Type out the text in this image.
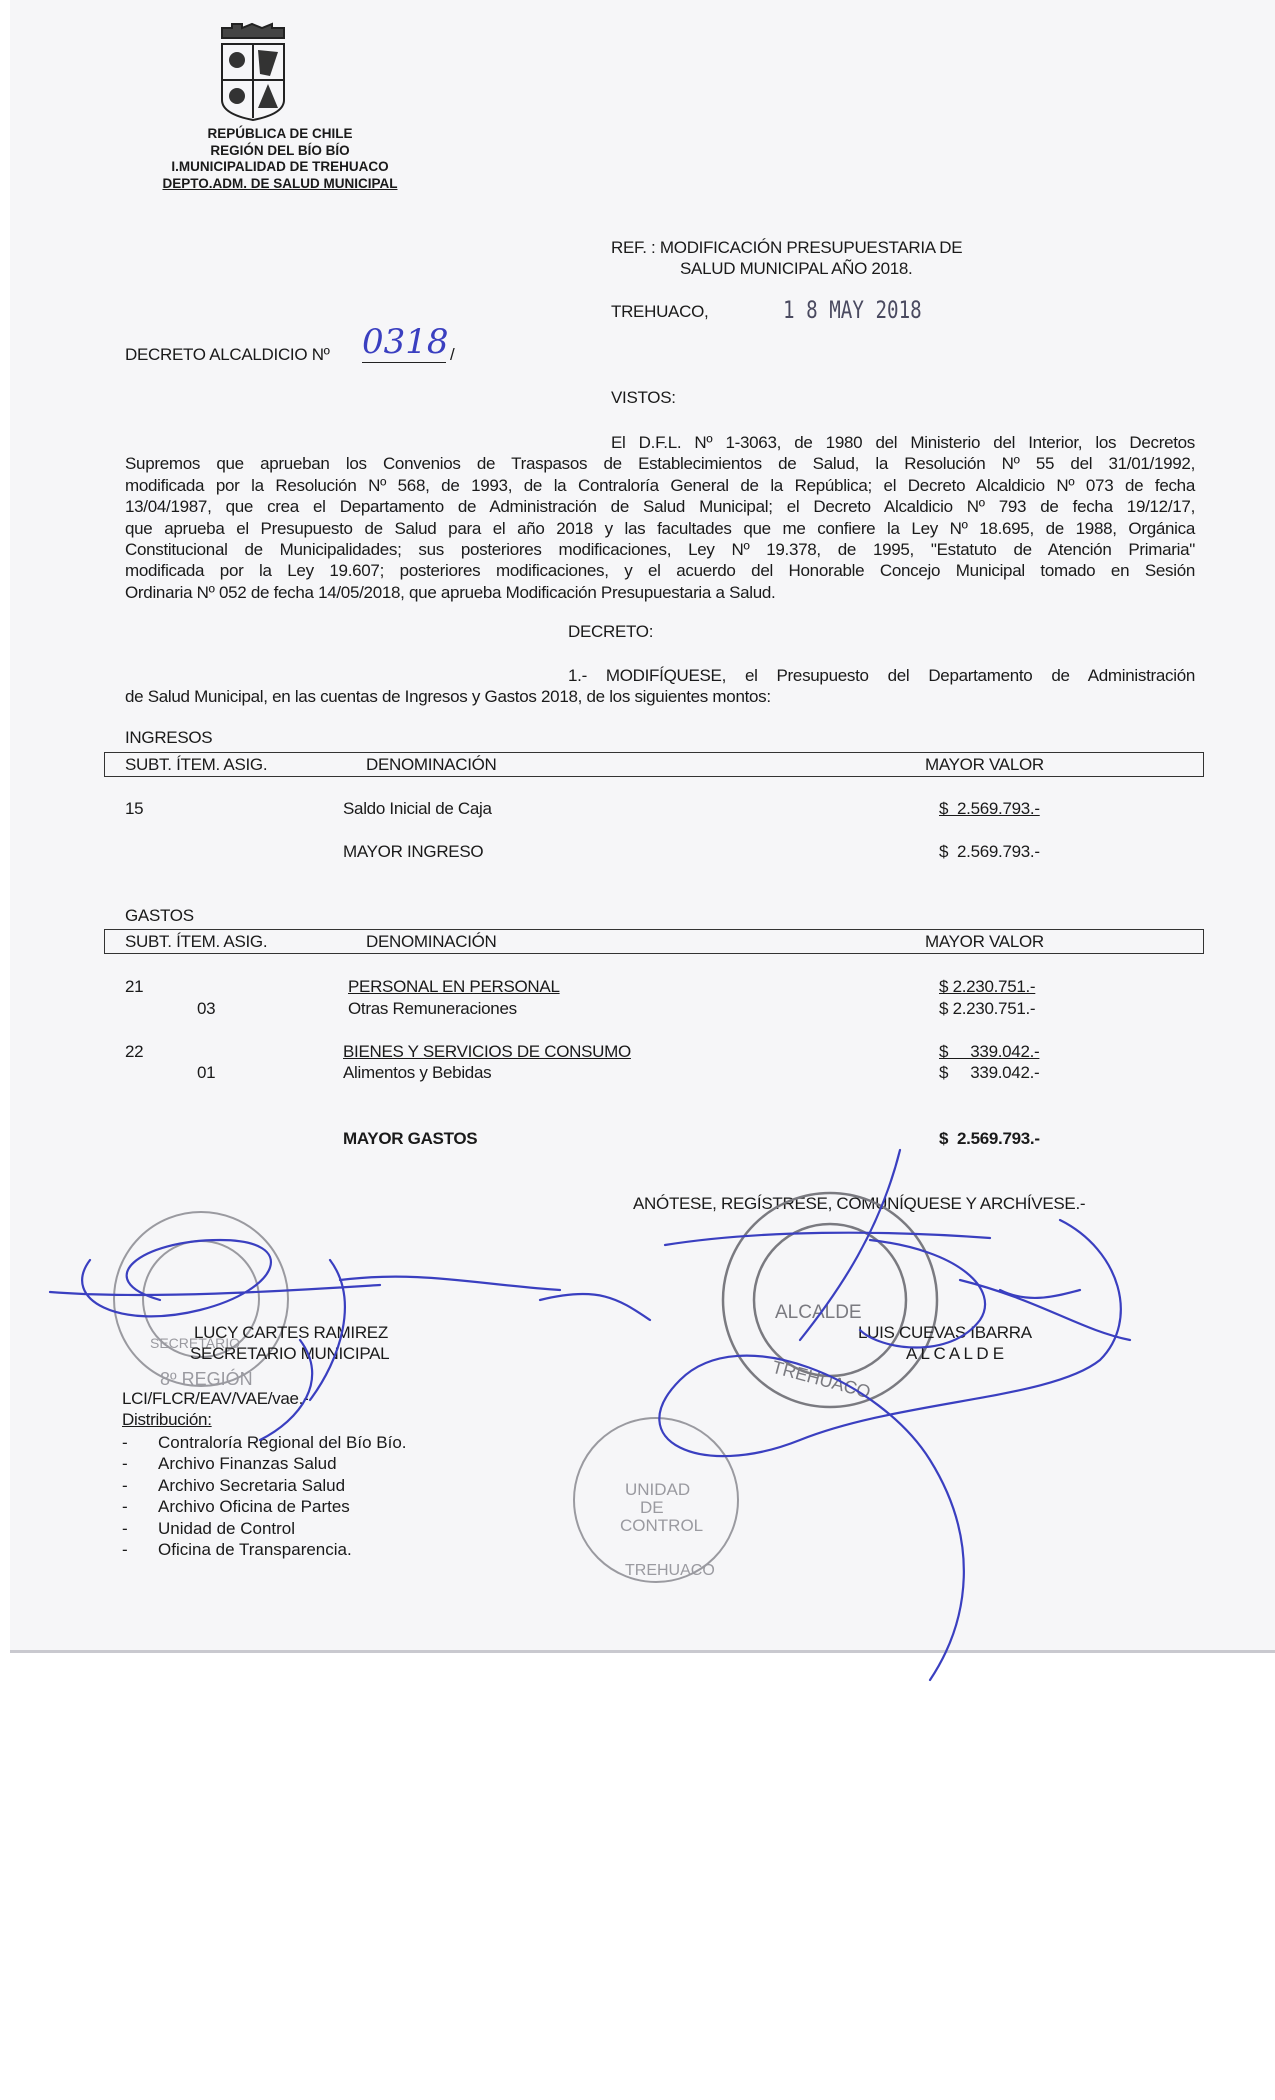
REPÚBLICA DE CHILE
REGIÓN DEL BÍO BÍO
I.MUNICIPALIDAD DE TREHUACO
DEPTO.ADM. DE SALUD MUNICIPAL
REF. : MODIFICACIÓN PRESUPUESTARIA DE
SALUD MUNICIPAL AÑO 2018.
TREHUACO,	1 8 MAY 2018
DECRETO ALCALDICIO Nº 0318 /
VISTOS:
El D.F.L. Nº 1-3063, de 1980 del Ministerio del Interior, los Decretos
Supremos que aprueban los Convenios de Traspasos de Establecimientos de Salud, la Resolución Nº 55 del 31/01/1992,
modificada por la Resolución Nº 568, de 1993, de la Contraloría General de la República; el Decreto Alcaldicio Nº 073 de fecha
13/04/1987, que crea el Departamento de Administración de Salud Municipal; el Decreto Alcaldicio Nº 793 de fecha 19/12/17,
que aprueba el Presupuesto de Salud para el año 2018 y las facultades que me confiere la Ley Nº 18.695, de 1988, Orgánica
Constitucional de Municipalidades; sus posteriores modificaciones, Ley Nº 19.378, de 1995, "Estatuto de Atención Primaria"
modificada por la Ley 19.607; posteriores modificaciones, y el acuerdo del Honorable Concejo Municipal tomado en Sesión
Ordinaria Nº 052 de fecha 14/05/2018, que aprueba Modificación Presupuestaria a Salud.
DECRETO:
1.- MODIFÍQUESE, el Presupuesto del Departamento de Administración
de Salud Municipal, en las cuentas de Ingresos y Gastos 2018, de los siguientes montos:
INGRESOS
SUBT. ÍTEM. ASIG.	DENOMINACIÓN	MAYOR VALOR
15	Saldo Inicial de Caja	$  2.569.793.-
MAYOR INGRESO	$  2.569.793.-
GASTOS
SUBT. ÍTEM. ASIG.	DENOMINACIÓN	MAYOR VALOR
21	PERSONAL EN PERSONAL	$ 2.230.751.-
03	Otras Remuneraciones	$ 2.230.751.-
22	BIENES Y SERVICIOS DE CONSUMO	$     339.042.-
01	Alimentos y Bebidas	$     339.042.-
MAYOR GASTOS	$  2.569.793.-
ANÓTESE, REGÍSTRESE, COMUNÍQUESE Y ARCHÍVESE.-
SECRETARIO
8º REGIÓN
ALCALDE
TREHUACO
UNIDAD
DE
CONTROL
TREHUACO
LUCY CARTES RAMIREZ
SECRETARIO MUNICIPAL
LUIS CUEVAS IBARRA
A L C A L D E
LCI/FLCR/EAV/VAE/vae.-
Distribución:
-	Contraloría Regional del Bío Bío.
-	Archivo Finanzas Salud
-	Archivo Secretaria Salud
-	Archivo Oficina de Partes
-	Unidad de Control
-	Oficina de Transparencia.
